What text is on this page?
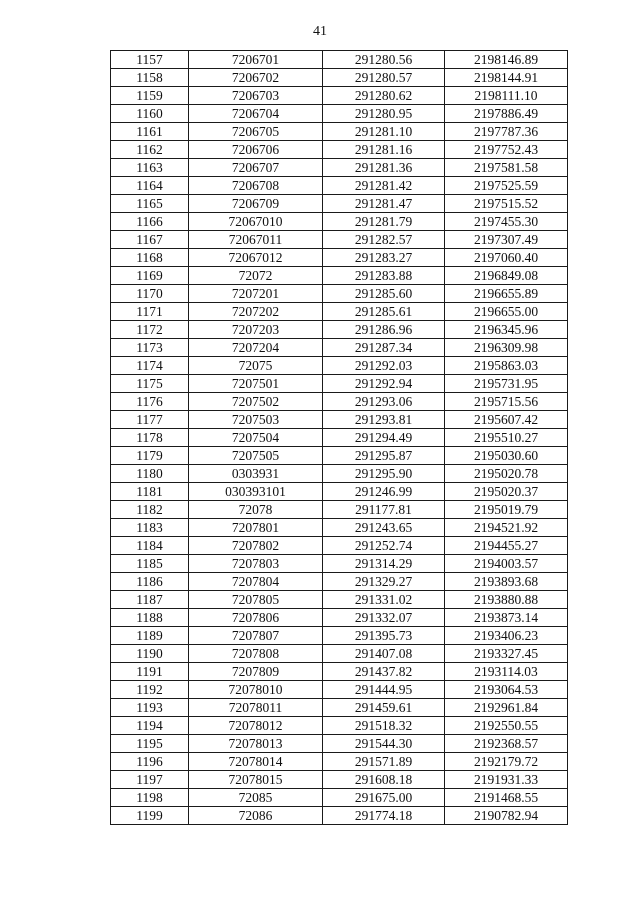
41
1157	7206701	291280.56	2198146.89
1158	7206702	291280.57	2198144.91
1159	7206703	291280.62	2198111.10
1160	7206704	291280.95	2197886.49
1161	7206705	291281.10	2197787.36
1162	7206706	291281.16	2197752.43
1163	7206707	291281.36	2197581.58
1164	7206708	291281.42	2197525.59
1165	7206709	291281.47	2197515.52
1166	72067010	291281.79	2197455.30
1167	72067011	291282.57	2197307.49
1168	72067012	291283.27	2197060.40
1169	72072	291283.88	2196849.08
1170	7207201	291285.60	2196655.89
1171	7207202	291285.61	2196655.00
1172	7207203	291286.96	2196345.96
1173	7207204	291287.34	2196309.98
1174	72075	291292.03	2195863.03
1175	7207501	291292.94	2195731.95
1176	7207502	291293.06	2195715.56
1177	7207503	291293.81	2195607.42
1178	7207504	291294.49	2195510.27
1179	7207505	291295.87	2195030.60
1180	0303931	291295.90	2195020.78
1181	030393101	291246.99	2195020.37
1182	72078	291177.81	2195019.79
1183	7207801	291243.65	2194521.92
1184	7207802	291252.74	2194455.27
1185	7207803	291314.29	2194003.57
1186	7207804	291329.27	2193893.68
1187	7207805	291331.02	2193880.88
1188	7207806	291332.07	2193873.14
1189	7207807	291395.73	2193406.23
1190	7207808	291407.08	2193327.45
1191	7207809	291437.82	2193114.03
1192	72078010	291444.95	2193064.53
1193	72078011	291459.61	2192961.84
1194	72078012	291518.32	2192550.55
1195	72078013	291544.30	2192368.57
1196	72078014	291571.89	2192179.72
1197	72078015	291608.18	2191931.33
1198	72085	291675.00	2191468.55
1199	72086	291774.18	2190782.94
